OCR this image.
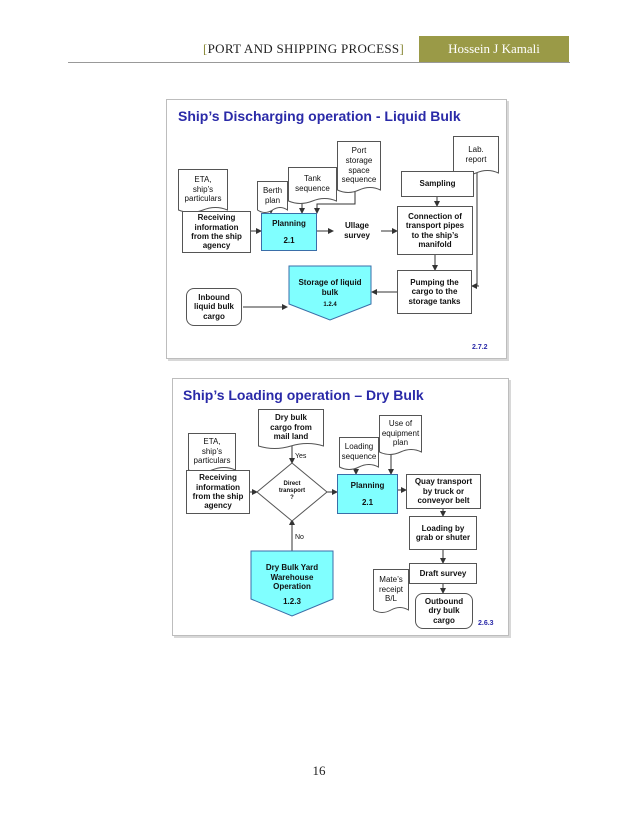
[PORT AND SHIPPING PROCESS]	Hossein J Kamali
Ship’s Discharging operation - Liquid Bulk
ETA,
ship’s
particulars
Berth
plan
Tank
sequence
Port
storage
space
sequence
Lab.
report
Receiving
information
from the ship
agency
Planning
2.1
Ullage
survey
Sampling
Connection of
transport pipes
to the ship’s
manifold
Pumping the
cargo to the
storage tanks
Storage of liquid
bulk
1.2.4
Inbound
liquid bulk
cargo
2.7.2
Ship’s Loading operation – Dry Bulk
Dry bulk
cargo from
mail land
ETA,
ship’s
particulars
Loading
sequence
Use of
equipment
plan
Receiving
information
from the ship
agency
Direct
transport
?
Yes
No
Planning
2.1
Quay transport
by truck or
conveyor belt
Loading by
grab or shuter
Draft survey
Mate’s
receipt
B/L	Outbound
dry bulk
cargo
Dry Bulk Yard
Warehouse
Operation
1.2.3
2.6.3
16
